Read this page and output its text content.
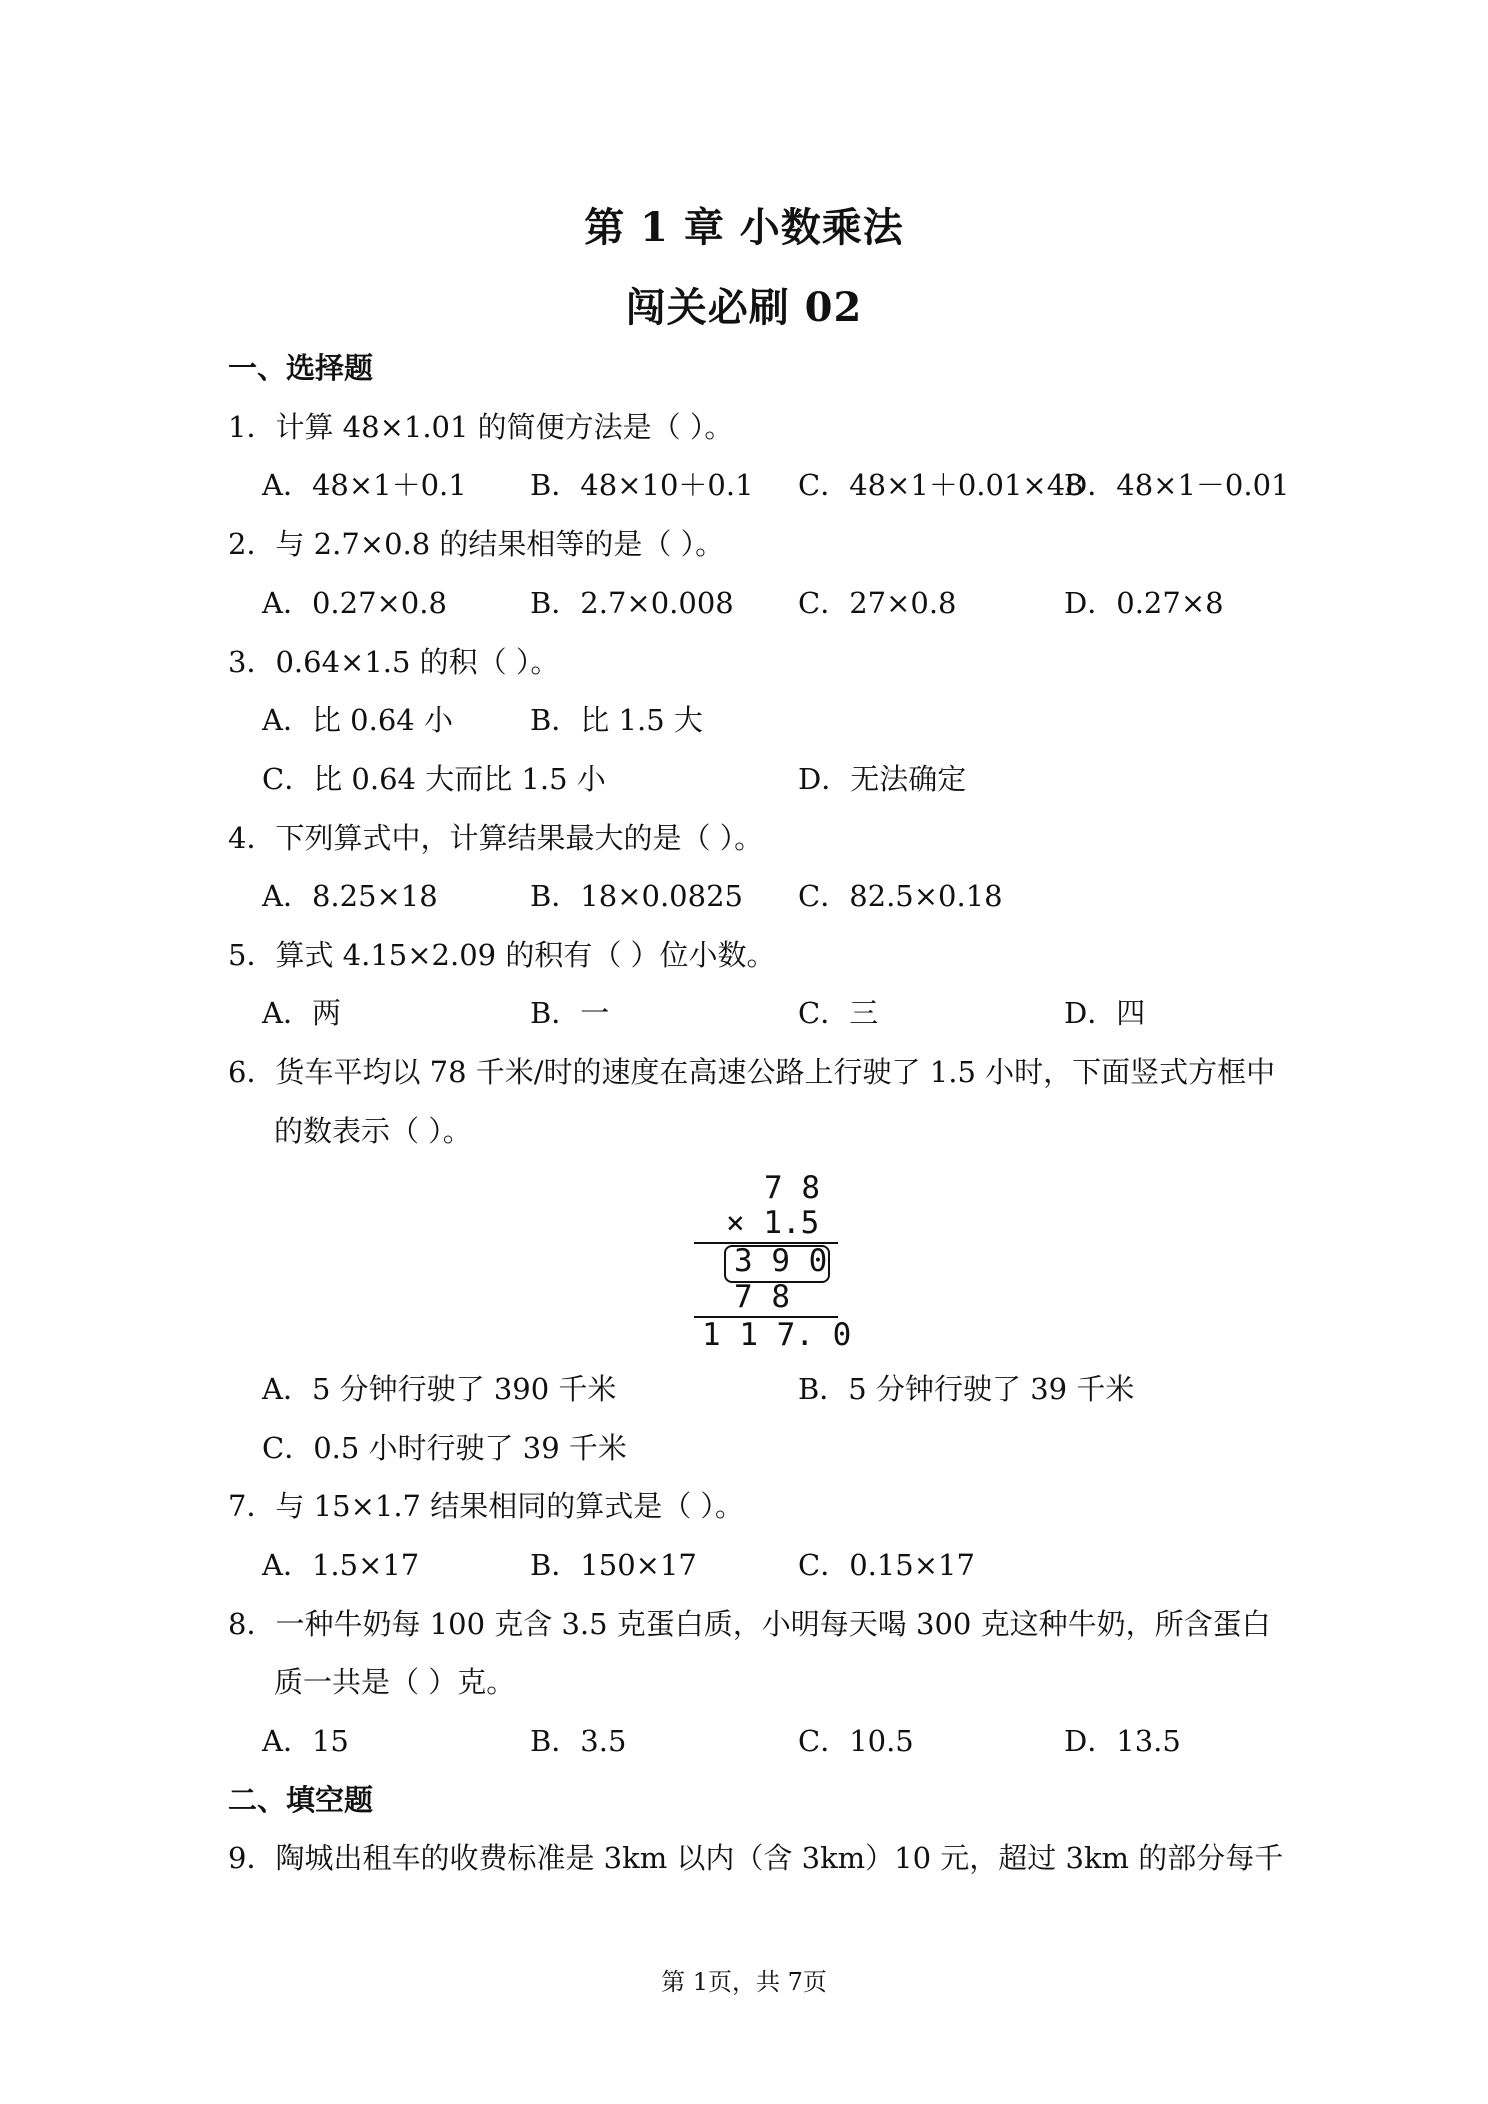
第 1 章 小数乘法
闯关必刷 02
一、选择题
1．计算 48×1.01 的简便方法是（ ）。
A．48×1＋0.1 B．48×10＋0.1 C．48×1＋0.01×48
D．48×1－0.01
2．与 2.7×0.8 的结果相等的是（ ）。
A．0.27×0.8	B．2.7×0.008 C．27×0.8	D．0.27×8
3．0.64×1.5 的积（ ）。
A．比 0.64 小	B．比 1.5 大
C．比 0.64 大而比 1.5 小	D．无法确定
4．下列算式中，计算结果最大的是（ ）。
A．8.25×18	B．18×0.0825 C．82.5×0.18
5．算式 4.15×2.09 的积有（ ）位小数。
A．两	B．一	C．三	D．四
6．货车平均以 78 千米/时的速度在高速公路上行驶了 1.5 小时，下面竖式方框中
的数表示（ ）。
7 8
× 1.5
3 9 0
7 8
1 1 7. 0
A．5 分钟行驶了 390 千米	B．5 分钟行驶了 39 千米
C．0.5 小时行驶了 39 千米
7．与 15×1.7 结果相同的算式是（ ）。
A．1.5×17	B．150×17	C．0.15×17
8．一种牛奶每 100 克含 3.5 克蛋白质，小明每天喝 300 克这种牛奶，所含蛋白
质一共是（ ）克。
A．15	B．3.5	C．10.5	D．13.5
二、填空题
9．陶城出租车的收费标准是 3km 以内（含 3km）10 元，超过 3km 的部分每千
第 1页，共 7页
